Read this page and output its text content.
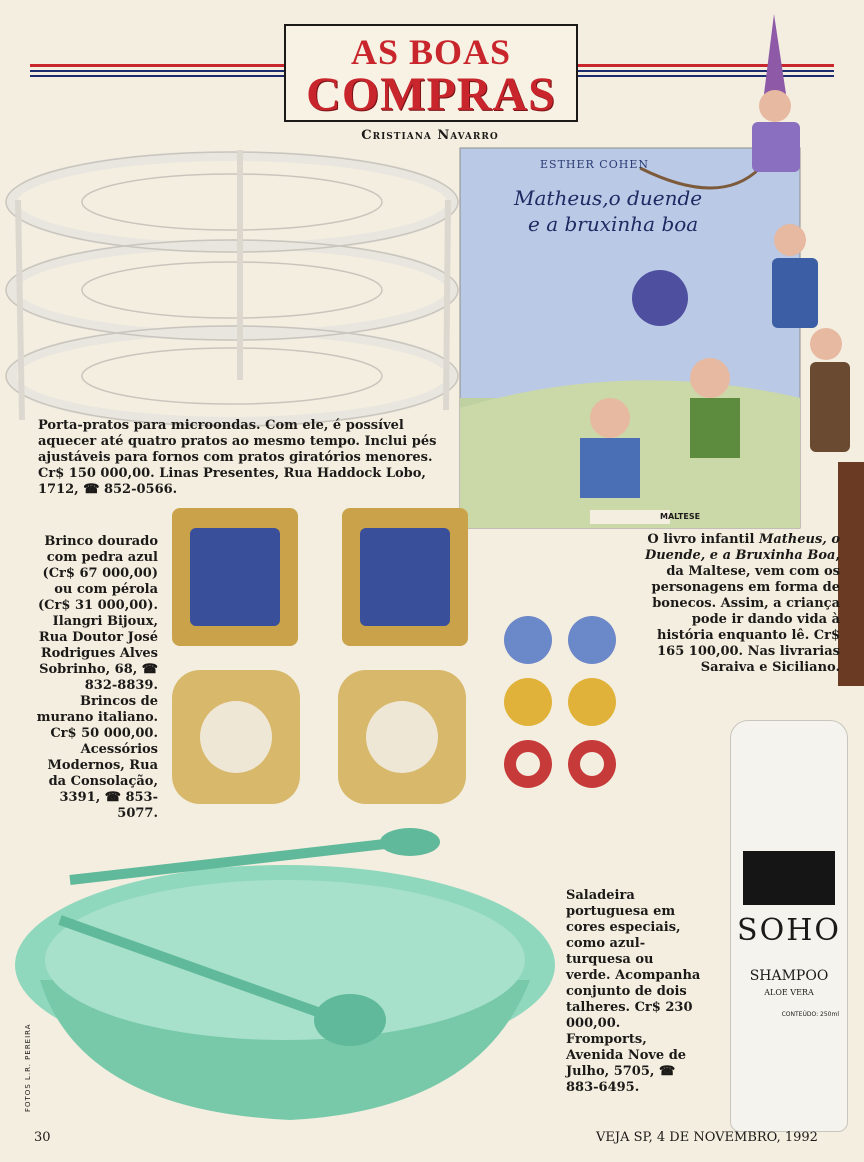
AS BOAS
COMPRAS
Cristiana Navarro
Porta-pratos para microondas. Com ele, é possível aquecer até quatro pratos ao mesmo tempo. Inclui pés ajustáveis para fornos com pratos giratórios menores. Cr$ 150 000,00. Linas Presentes, Rua Haddock Lobo, 1712, ☎ 852-0566.
ESTHER COHEN
Matheus,o duende
e a bruxinha boa
MALTESE
O livro infantil Matheus, o Duende, e a Bruxinha Boa, da Maltese, vem com os personagens em forma de bonecos. Assim, a criança pode ir dando vida à história enquanto lê. Cr$ 165 100,00. Nas livrarias Saraiva e Siciliano.
Brinco dourado com pedra azul (Cr$ 67 000,00) ou com pérola (Cr$ 31 000,00). Ilangri Bijoux, Rua Doutor José Rodrigues Alves Sobrinho, 68, ☎ 832-8839. Brincos de murano italiano. Cr$ 50 000,00. Acessórios Modernos, Rua da Consolação, 3391, ☎ 853-5077.
Saladeira portuguesa em cores especiais, como azul-turquesa ou verde. Acompanha conjunto de dois talheres. Cr$ 230 000,00. Fromports, Avenida Nove de Julho, 5705, ☎ 883-6495.
SOHO
SHAMPOO
ALOE VERA
CONTEÚDO: 250ml
FOTOS L.R. PEREIRA
30	VEJA SP, 4 DE NOVEMBRO, 1992
